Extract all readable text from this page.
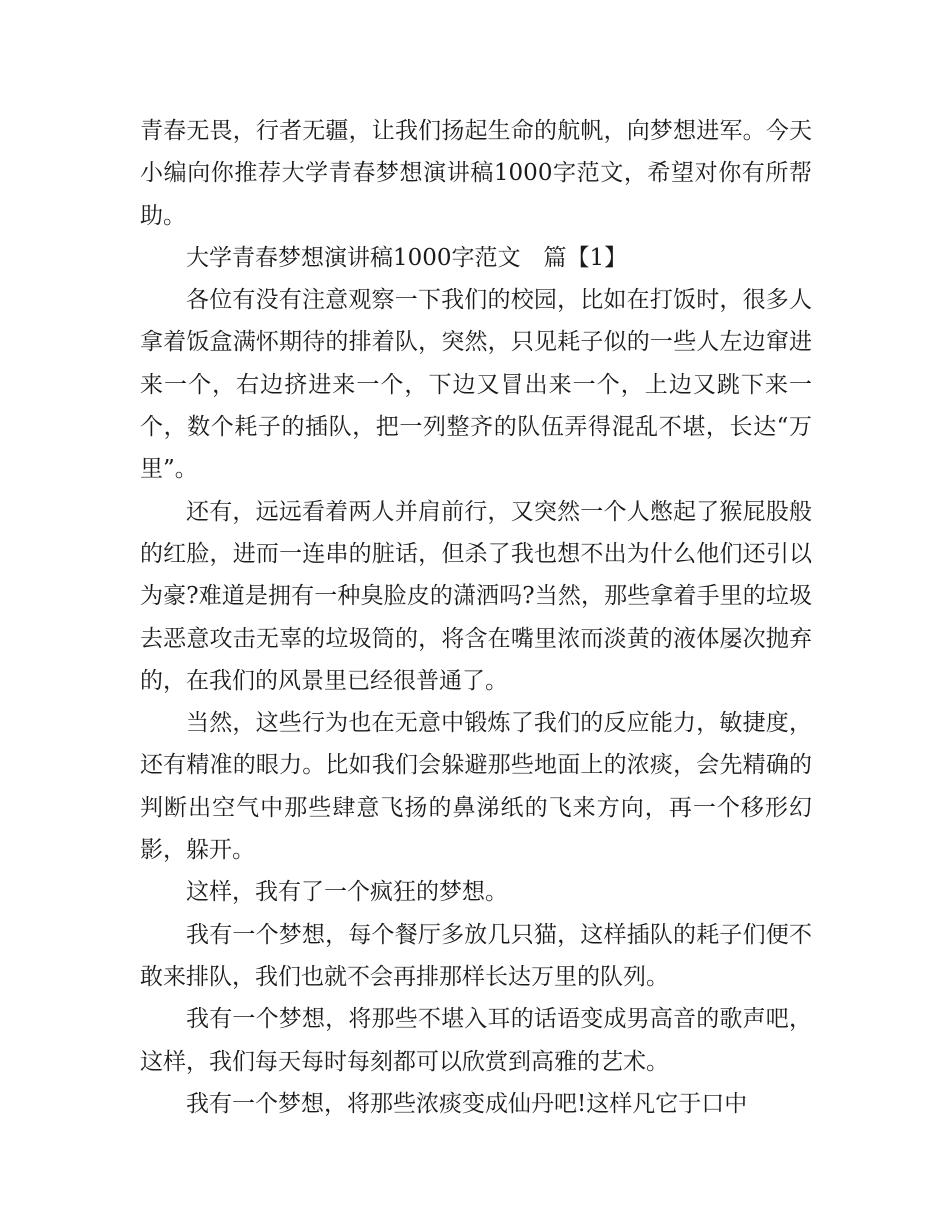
青春无畏，行者无疆，让我们扬起生命的航帆，向梦想进军。今天小编向你推荐大学青春梦想演讲稿1000字范文，希望对你有所帮助。

大学青春梦想演讲稿1000字范文　篇【1】

各位有没有注意观察一下我们的校园，比如在打饭时，很多人拿着饭盒满怀期待的排着队，突然，只见耗子似的一些人左边窜进来一个，右边挤进来一个，下边又冒出来一个，上边又跳下来一个，数个耗子的插队，把一列整齐的队伍弄得混乱不堪，长达“万里”。

还有，远远看着两人并肩前行，又突然一个人憋起了猴屁股般的红脸，进而一连串的脏话，但杀了我也想不出为什么他们还引以为豪?难道是拥有一种臭脸皮的潇洒吗?当然，那些拿着手里的垃圾去恶意攻击无辜的垃圾筒的，将含在嘴里浓而淡黄的液体屡次抛弃的，在我们的风景里已经很普通了。

当然，这些行为也在无意中锻炼了我们的反应能力，敏捷度，还有精准的眼力。比如我们会躲避那些地面上的浓痰，会先精确的判断出空气中那些肆意飞扬的鼻涕纸的飞来方向，再一个移形幻影，躲开。

这样，我有了一个疯狂的梦想。

我有一个梦想，每个餐厅多放几只猫，这样插队的耗子们便不敢来排队，我们也就不会再排那样长达万里的队列。

我有一个梦想，将那些不堪入耳的话语变成男高音的歌声吧，这样，我们每天每时每刻都可以欣赏到高雅的艺术。

我有一个梦想，将那些浓痰变成仙丹吧!这样凡它于口中
